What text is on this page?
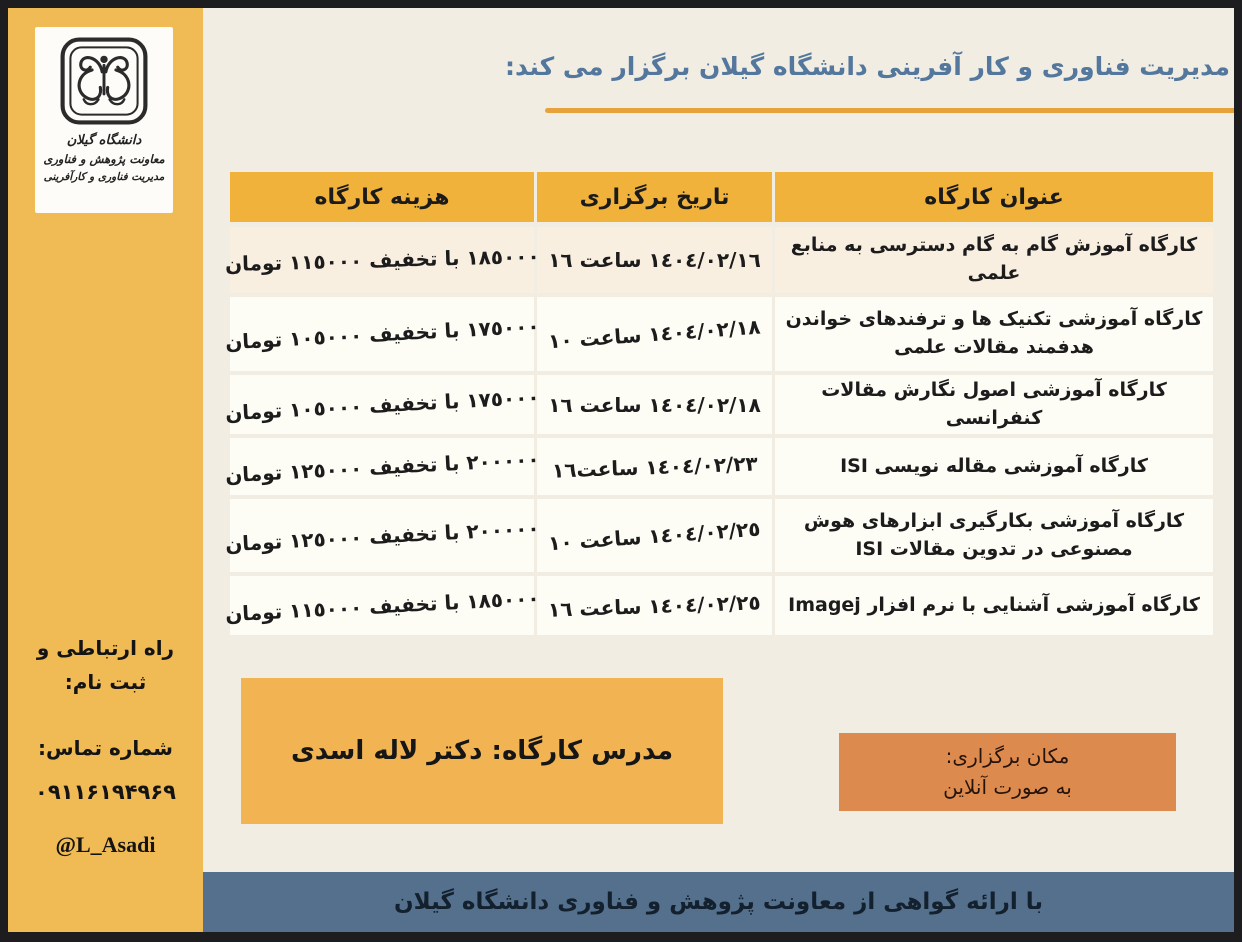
دانشگاه گیلان
معاونت پژوهش و فناوری
مدیریت فناوری و کارآفرینی
راه ارتباطی و
ثبت نام:
شماره تماس:
۰۹۱۱۶۱۹۴۹۶۹
@L_Asadi
مدیریت فناوری و کار آفرینی دانشگاه گیلان برگزار می کند:
عنوان کارگاه
تاریخ برگزاری
هزینه کارگاه
کارگاه آموزش گام به گام دسترسی به منابع علمی
١٤٠٤/٠٢/١٦ ساعت ١٦
١٨٥٠٠٠ با تخفیف ١١٥٠٠٠ تومان
کارگاه آموزشی تکنیک ها و ترفندهای خواندن هدفمند مقالات علمی
١٤٠٤/٠٢/١٨ ساعت ١٠
١٧٥٠٠٠ با تخفیف ١٠٥٠٠٠ تومان
کارگاه آموزشی اصول نگارش مقالات کنفرانسی
١٤٠٤/٠٢/١٨ ساعت ١٦
١٧٥٠٠٠ با تخفیف ١٠٥٠٠٠ تومان
کارگاه آموزشی مقاله نویسی ISI
١٤٠٤/٠٢/٢٣ ساعت١٦
٢٠٠٠٠٠ با تخفیف ١٢٥٠٠٠ تومان
کارگاه آموزشی بکارگیری ابزارهای هوش مصنوعی در تدوین مقالات ISI
١٤٠٤/٠٢/٢٥ ساعت ١٠
٢٠٠٠٠٠ با تخفیف ١٢٥٠٠٠ تومان
کارگاه آموزشی آشنایی با نرم افزار Imagej
١٤٠٤/٠٢/٢٥ ساعت ١٦
١٨٥٠٠٠ با تخفیف ١١٥٠٠٠ تومان
مدرس کارگاه: دکتر لاله اسدی	مکان برگزاری:
به صورت آنلاین
با ارائه گواهی از معاونت پژوهش و فناوری دانشگاه گیلان
